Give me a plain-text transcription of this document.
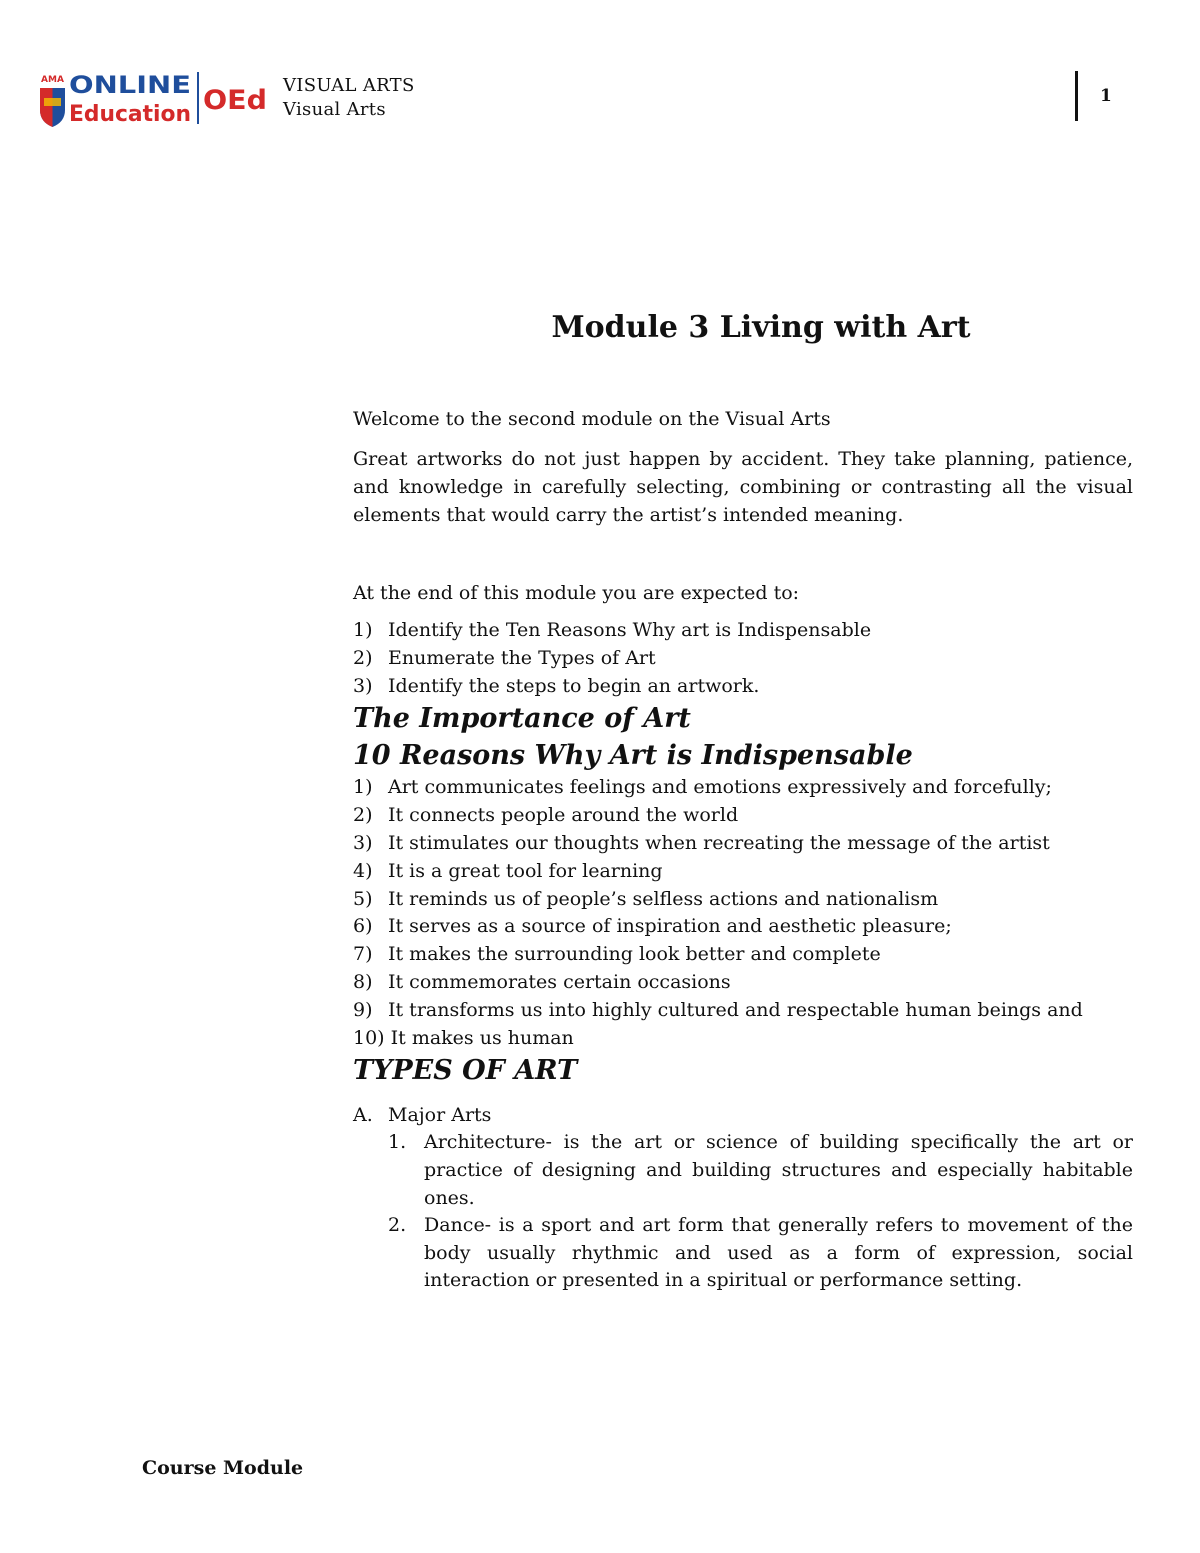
AMA ONLINE
Education OEd VISUAL ARTS
Visual Arts
1
Module 3 Living with Art

Welcome to the second module on the Visual Arts

Great artworks do not just happen by accident. They take planning, patience, and knowledge in carefully selecting, combining or contrasting all the visual elements that would carry the artist’s intended meaning.

At the end of this module you are expected to:

1) Identify the Ten Reasons Why art is Indispensable
2) Enumerate the Types of Art
3) Identify the steps to begin an artwork.
The Importance of Art
10 Reasons Why Art is Indispensable
1) Art communicates feelings and emotions expressively and forcefully;
2) It connects people around the world
3) It stimulates our thoughts when recreating the message of the artist
4) It is a great tool for learning
5) It reminds us of people’s selfless actions and nationalism
6) It serves as a source of inspiration and aesthetic pleasure;
7) It makes the surrounding look better and complete
8) It commemorates certain occasions
9) It transforms us into highly cultured and respectable human beings and
10) It makes us human
TYPES OF ART
A. Major Arts
1. Architecture- is the art or science of building specifically the art or practice of designing and building structures and especially habitable ones.
2. Dance- is a sport and art form that generally refers to movement of the body usually rhythmic and used as a form of expression, social interaction or presented in a spiritual or performance setting.
Course Module
